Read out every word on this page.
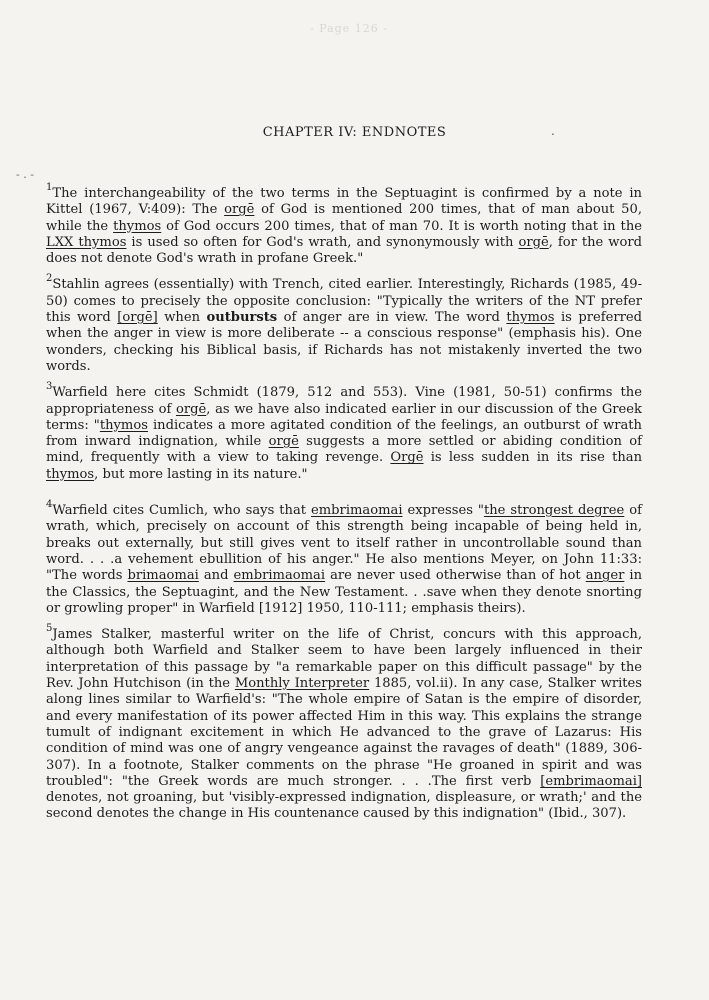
- Page 126 -
- . -
.
CHAPTER IV: ENDNOTES

$^1$The interchangeability of the two terms in the Septuagint is confirmed by a note in Kittel (1967, V:409): The orgē of God is mentioned 200 times, that of man about 50, while the thymos of God occurs 200 times, that of man 70. It is worth noting that in the LXX thymos is used so often for God's wrath, and synonymously with orgē, for the word does not denote God's wrath in profane Greek."

$^2$Stahlin agrees (essentially) with Trench, cited earlier. Interestingly, Richards (1985, 49-50) comes to precisely the opposite conclusion: "Typically the writers of the NT prefer this word [orgē] when outbursts of anger are in view. The word thymos is preferred when the anger in view is more deliberate -- a conscious response" (emphasis his). One wonders, checking his Biblical basis, if Richards has not mistakenly inverted the two words.

$^3$Warfield here cites Schmidt (1879, 512 and 553). Vine (1981, 50-51) confirms the appropriateness of orgē, as we have also indicated earlier in our discussion of the Greek terms: "thymos indicates a more agitated condition of the feelings, an outburst of wrath from inward indignation, while orgē suggests a more settled or abiding condition of mind, frequently with a view to taking revenge. Orgē is less sudden in its rise than thymos, but more lasting in its nature."

$^4$Warfield cites Cumlich, who says that embrimaomai expresses "the strongest degree of wrath, which, precisely on account of this strength being incapable of being held in, breaks out externally, but still gives vent to itself rather in uncontrollable sound than word. . . .a vehement ebullition of his anger." He also mentions Meyer, on John 11:33: "The words brimaomai and embrimaomai are never used otherwise than of hot anger in the Classics, the Septuagint, and the New Testament. . .save when they denote snorting or growling proper" in Warfield [1912] 1950, 110-111; emphasis theirs).

$^5$James Stalker, masterful writer on the life of Christ, concurs with this approach, although both Warfield and Stalker seem to have been largely influenced in their interpretation of this passage by "a remarkable paper on this difficult passage" by the Rev. John Hutchison (in the Monthly Interpreter 1885, vol.ii). In any case, Stalker writes along lines similar to Warfield's: "The whole empire of Satan is the empire of disorder, and every manifestation of its power affected Him in this way. This explains the strange tumult of indignant excitement in which He advanced to the grave of Lazarus: His condition of mind was one of angry vengeance against the ravages of death" (1889, 306-307). In a footnote, Stalker comments on the phrase "He groaned in spirit and was troubled": "the Greek words are much stronger. . . .The first verb [embrimaomai] denotes, not groaning, but 'visibly-expressed indignation, displeasure, or wrath;' and the second denotes the change in His countenance caused by this indignation" (Ibid., 307).
